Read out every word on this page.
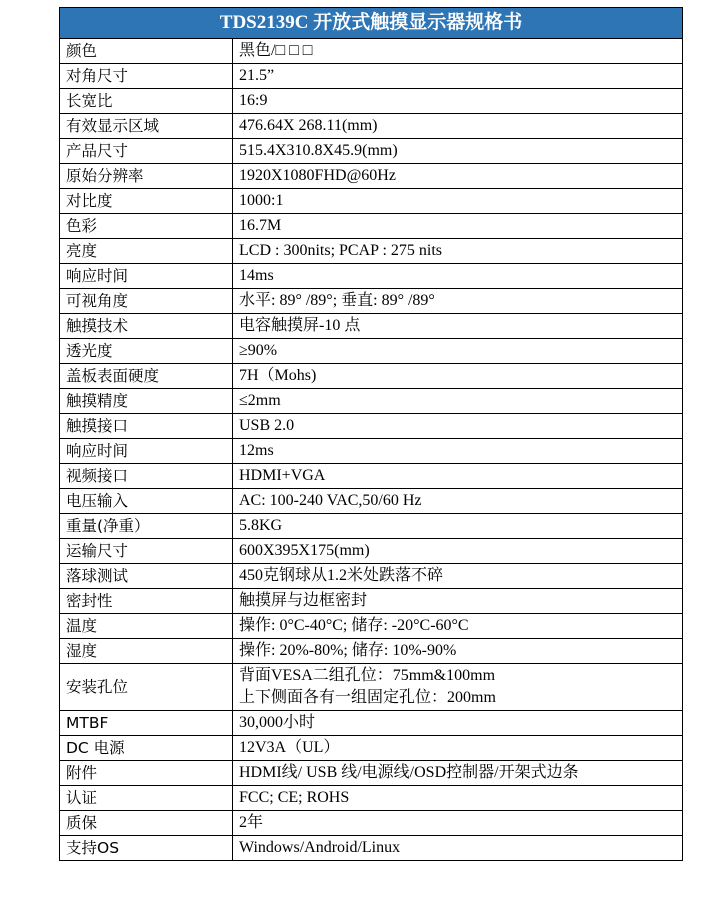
TDS2139C 开放式触摸显示器规格书	
颜色	黑色/□ □ □
对角尺寸	21.5”
长宽比	16:9
有效显示区域	476.64X 268.11(mm)
产品尺寸	515.4X310.8X45.9(mm)
原始分辨率	1920X1080FHD@60Hz
对比度	1000:1
色彩	16.7M
亮度	LCD : 300nits; PCAP : 275 nits
响应时间	14ms
可视角度	水平: 89° /89°; 垂直: 89° /89°
触摸技术	电容触摸屏-10 点
透光度	≥90%
盖板表面硬度	7H（Mohs)
触摸精度	≤2mm
触摸接口	USB 2.0
响应时间	12ms
视频接口	HDMI+VGA
电压输入	AC: 100-240 VAC,50/60 Hz
重量(净重）	5.8KG
运输尺寸	600X395X175(mm)
落球测试	450克钢球从1.2米处跌落不碎
密封性	触摸屏与边框密封
温度	操作: 0°C-40°C; 储存: -20°C-60°C
湿度	操作: 20%-80%; 储存: 10%-90%
安装孔位	背面VESA二组孔位：75mm&100mm
上下侧面各有一组固定孔位：200mm

MTBF	30,000小时
DC 电源	12V3A（UL）
附件	HDMI线/ USB 线/电源线/OSD控制器/开架式边条
认证	FCC; CE; ROHS
质保	2年
支持OS	Windows/Android/Linux
